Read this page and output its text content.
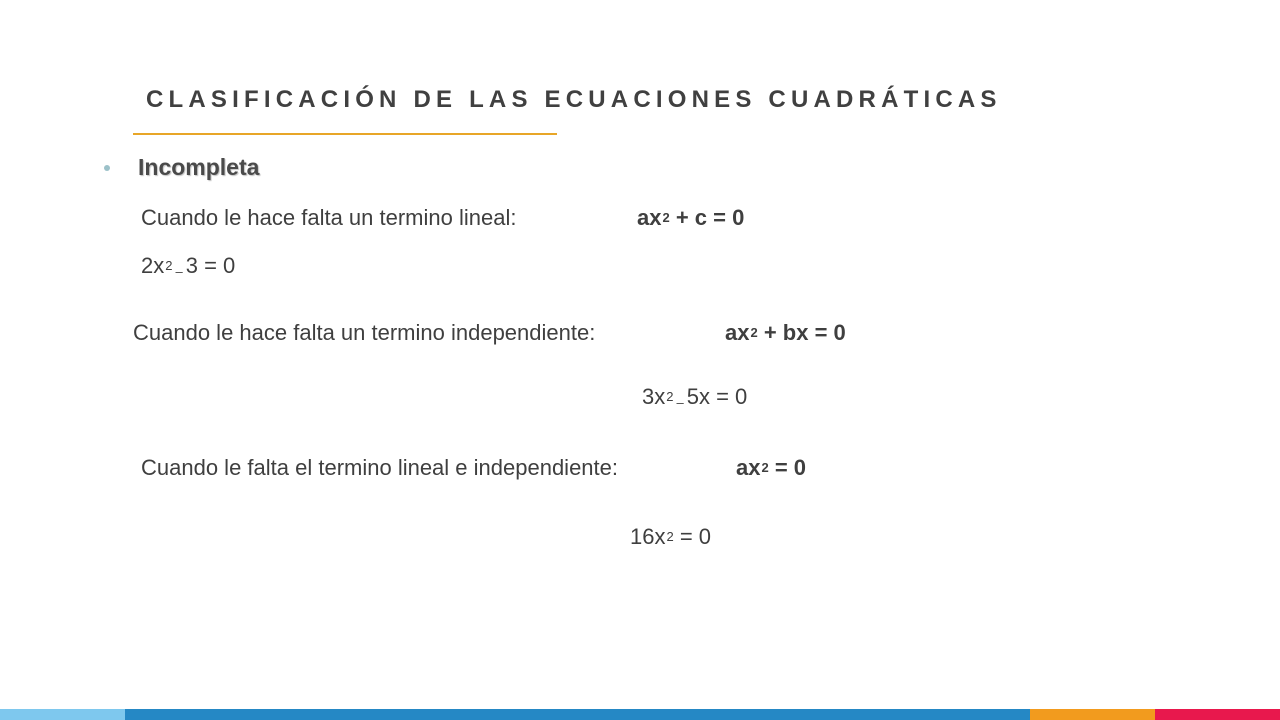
CLASIFICACIÓN DE LAS ECUACIONES CUADRÁTICAS
Incompleta
Cuando le hace falta un termino lineal:	ax2 + c = 0
2x2 – 3 = 0
Cuando le hace falta un termino independiente:	ax2 + bx = 0
3x2 – 5x = 0
Cuando le falta el termino lineal e independiente:	ax2 = 0
16x2 = 0
